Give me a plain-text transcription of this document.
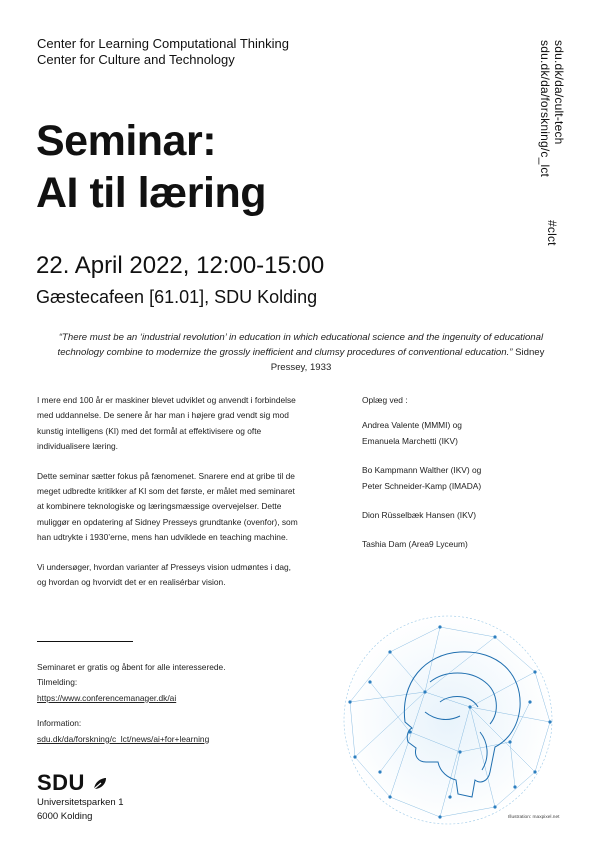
Center for Learning Computational Thinking
Center for Culture and Technology	sdu.dk/da/forskning/c_lct sdu.dk/da/cult-tech
#clct
Seminar:
AI til læring
22. April 2022, 12:00-15:00
Gæstecafeen [61.01], SDU Kolding
“There must be an ‘industrial revolution’ in education in which educational science and the ingenuity of educational technology combine to modernize the grossly inefficient and clumsy procedures of conventional education.” Sidney Pressey, 1933

I mere end 100 år er maskiner blevet udviklet og anvendt i forbindelse med uddannelse. De senere år har man i højere grad vendt sig mod kunstig intelligens (KI) med det formål at effektivisere og ofte individualisere læring.

Dette seminar sætter fokus på fænomenet. Snarere end at gribe til de meget udbredte kritikker af KI som det første, er målet med seminaret at kombinere teknologiske og læringsmæssige overvejelser. Dette muliggør en opdatering af Sidney Presseys grundtanke (ovenfor), som han udtrykte i 1930’erne, mens han udviklede en teaching machine.

Vi undersøger, hvordan varianter af Presseys vision udmøntes i dag, og hvordan og hvorvidt det er en realisérbar vision.

Oplæg ved :
Andrea Valente (MMMI) og
Emanuela Marchetti (IKV)
Bo Kampmann Walther (IKV) og
Peter Schneider-Kamp (IMADA)
Dion Rüsselbæk Hansen (IKV)
Tashia Dam (Area9 Lyceum)
Seminaret er gratis og åbent for alle interesserede.
Tilmelding:
https://www.conferencemanager.dk/ai
Information:
sdu.dk/da/forskning/c_lct/news/ai+for+learning
SDU
Universitetsparken 1
6000 Kolding	Illustration: maxpixel.net
